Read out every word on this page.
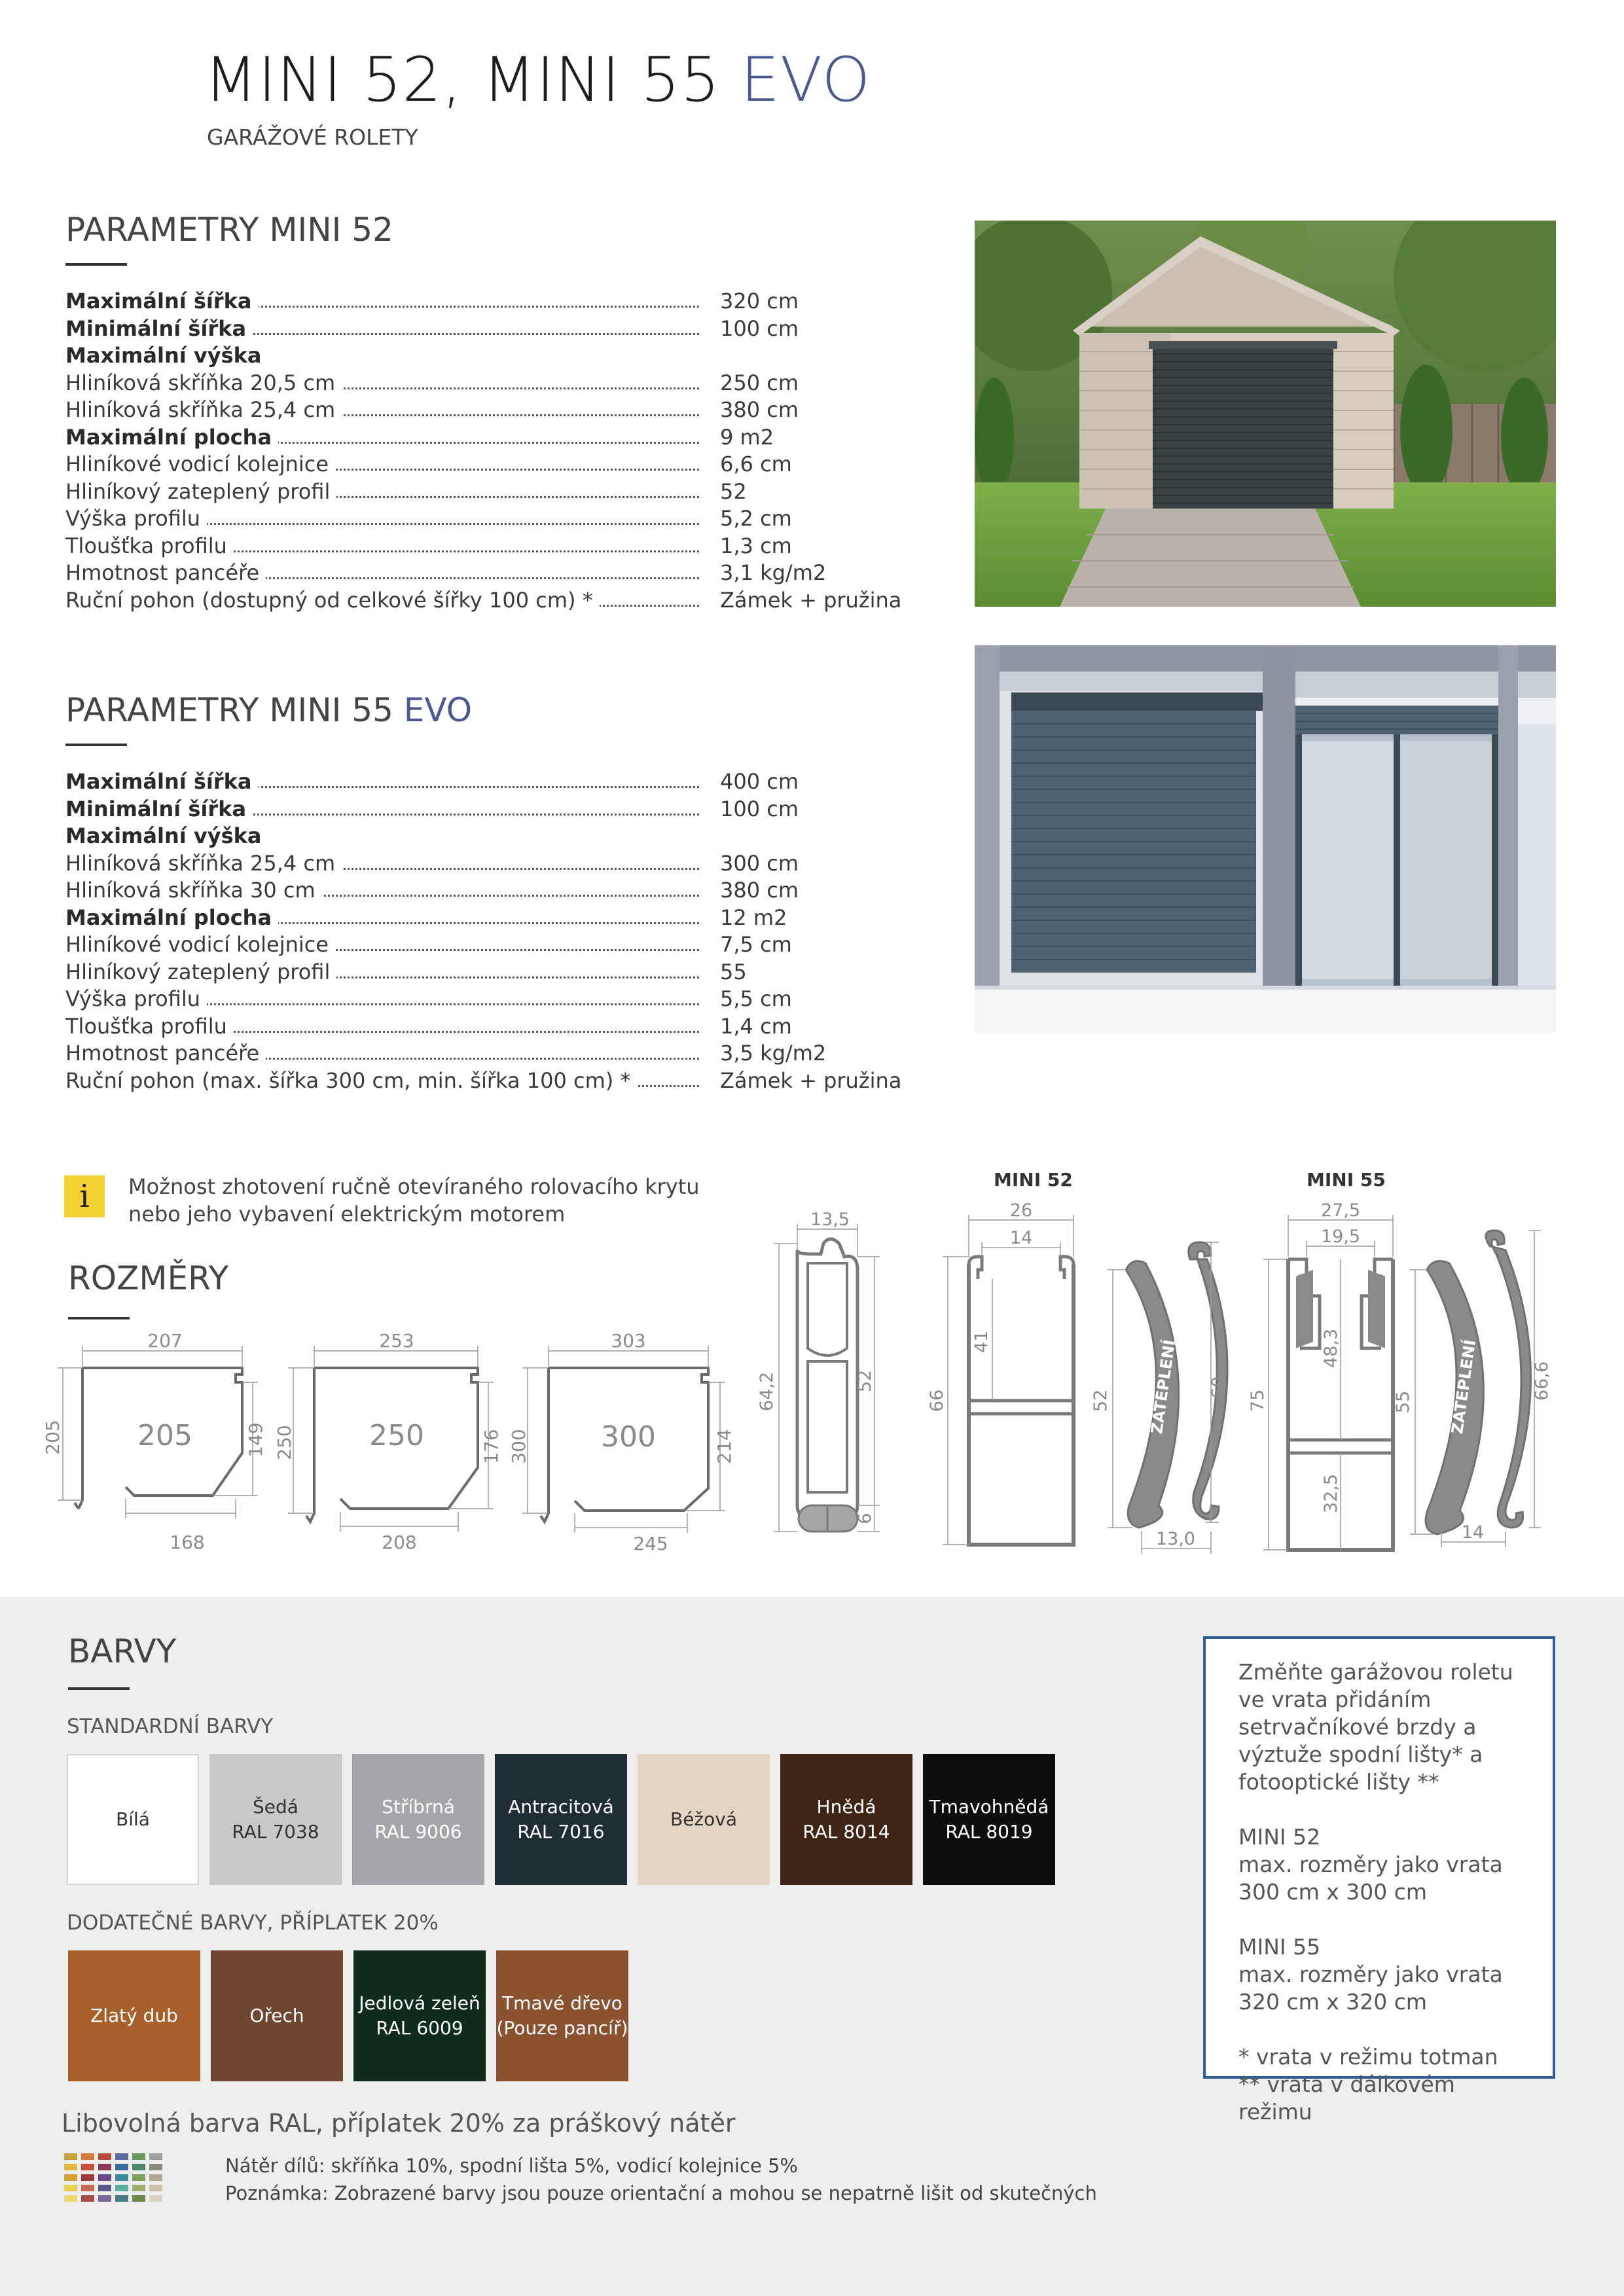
MINI 52, MINI 55 EVO
GARÁŽOVÉ ROLETY
PARAMETRY MINI 52
Maximální šířka	320 cm
Minimální šířka	100 cm
Maximální výška
Hliníková skříňka 20,5 cm	250 cm
Hliníková skříňka 25,4 cm	380 cm
Maximální plocha	9 m2
Hliníkové vodicí kolejnice	6,6 cm
Hliníkový zateplený profil	52
Výška profilu	5,2 cm
Tloušťka profilu	1,3 cm
Hmotnost pancéře	3,1 kg/m2
Ruční pohon (dostupný od celkové šířky 100 cm) *	Zámek + pružina
PARAMETRY MINI 55 EVO
Maximální šířka	400 cm
Minimální šířka	100 cm
Maximální výška
Hliníková skříňka 25,4 cm	300 cm
Hliníková skříňka 30 cm	380 cm
Maximální plocha	12 m2
Hliníkové vodicí kolejnice	7,5 cm
Hliníkový zateplený profil	55
Výška profilu	5,5 cm
Tloušťka profilu	1,4 cm
Hmotnost pancéře	3,5 kg/m2
Ruční pohon (max. šířka 300 cm, min. šířka 100 cm) *	Zámek + pružina
i	Možnost zhotovení ručně otevíraného rolovacího krytu nebo jeho vybavení elektrickým motorem
ROZMĚRY
207
205	205	149
168
253
250	250	176
208
303
300 300	214
245
MINI 52	MINI 55
ZATEPLENÍ	ZATEPLENÍ
13,5
64,2	52
6
26
14
66
41
52
60
13,0
27,5
19,5
75
48,3
32,5
55
66,6
14
BARVY
STANDARDNÍ BARVY
Bílá
Šedá
RAL 7038
Stříbrná
RAL 9006
Antracitová
RAL 7016
Béžová
Hnědá
RAL 8014
Tmavohnědá
RAL 8019
DODATEČNÉ BARVY, PŘÍPLATEK 20%
Zlatý dub	Ořech
Jedlová zeleň
RAL 6009
Tmavé dřevo
(Pouze pancíř)

Změňte garážovou roletu ve vrata přidáním setrvačníkové brzdy a výztuže spodní lišty* a fotooptické lišty **

MINI 52
max. rozměry jako vrata 300 cm x 300 cm

MINI 55
max. rozměry jako vrata 320 cm x 320 cm

* vrata v režimu totman
** vrata v dálkovém režimu

Libovolná barva RAL, příplatek 20% za práškový nátěr
Nátěr dílů: skříňka 10%, spodní lišta 5%, vodicí kolejnice 5%
Poznámka: Zobrazené barvy jsou pouze orientační a mohou se nepatrně lišit od skutečných
